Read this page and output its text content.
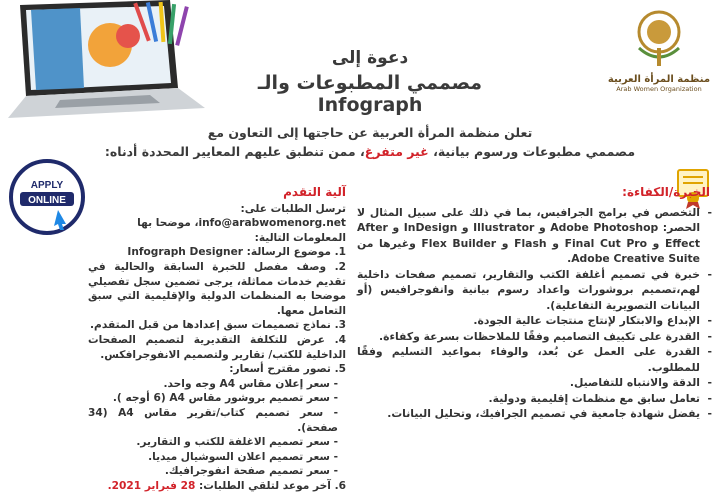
منظمة المرأة العربية
Arab Women Organization
دعوة إلى
مصممي المطبوعات والـ Infograph
تعلن منظمة المرأة العربية عن حاجتها إلى التعاون مع
مصممي مطبوعات ورسوم بيانية، غير متفرغ، ممن تنطبق عليهم المعايير المحددة أدناه:
APPLY
ONLINE
الخبرة/الكفاءة:
- التخصص في برامج الجرافيس، بما في ذلك على سبيل المثال لا الحصر: Adobe Photoshop و Illustrator و InDesign و After Effect و Final Cut Pro و Flash و Flex Builder وغيرها من Adobe Creative Suite.
- خبرة في تصميم أغلفة الكتب والتقارير، تصميم صفحات داخلية لهم،تصميم بروشورات واعداد رسوم بيانية وانفوجرافيس (أو البيانات التصويرية التفاعلية).
- الإبداع والابتكار لإنتاج منتجات عالية الجودة.
- القدرة على تكييف التصاميم وفقًا للملاحظات بسرعة وكفاءة.
- القدرة على العمل عن بُعد، والوفاء بمواعيد التسليم وفقًا للمطلوب.
- الدقة والانتباه للتفاصيل.
- تعامل سابق مع منظمات إقليمية ودولية.
- يفضل شهادة جامعية في تصميم الجرافيك، وتحليل البيانات.
آلية التقدم
ترسل الطلبات على:
info@arabwomenorg.net، موضحا بها المعلومات التالية:
1. موضوع الرسالة: Infograph Designer
2. وصف مفصل للخبرة السابقة والحالية في تقديم خدمات مماثلة، يرجى تضمين سجل تفصيلي موضحا به المنظمات الدولية والإقليمية التي سبق التعامل معها.
3. نماذج تصميمات سبق إعدادها من قبل المتقدم.
4. عرض للتكلفة التقديرية لتصميم الصفحات الداخلية للكتب/ تقارير ولتصميم الانفوجرافكس.
5. تصور مقترح أسعار:
- سعر إعلان مقاس A4 وجه واحد.
- سعر تصميم بروشور مقاس A4 (6 أوجه ).
- سعر تصميم كتاب/تقرير مقاس A4 (34 صفحة).
- سعر تصميم الاغلفة للكتب و التقارير.
- سعر تصميم اعلان السوشيال ميديا.
- سعر تصميم صفحة انفوجرافيك.
6. آخر موعد لتلقي الطلبات: 28 فبراير 2021.
